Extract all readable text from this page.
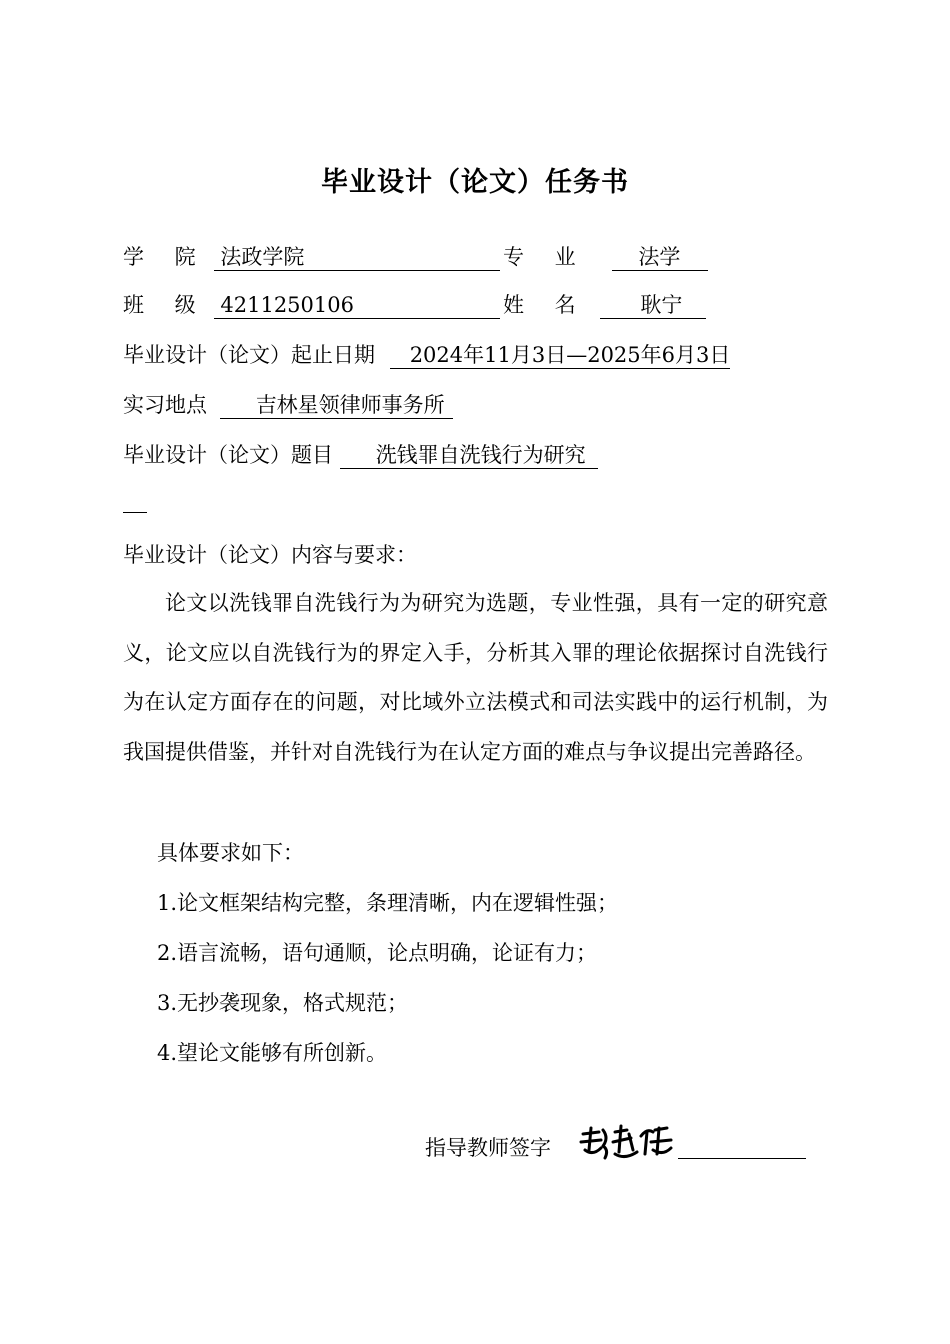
毕业设计（论文）任务书
学 院 法政学院	专 业 法学
班 级 4211250106	姓 名	耿宁
毕业设计（论文）起止日期 2024年11月3日—2025年6月3日
实习地点 吉林星领律师事务所
毕业设计（论文）题目 洗钱罪自洗钱行为研究
毕业设计（论文）内容与要求：
论文以洗钱罪自洗钱行为为研究为选题，专业性强，具有一定的研究意义，论文应以自洗钱行为的界定入手，分析其入罪的理论依据探讨自洗钱行为在认定方面存在的问题，对比域外立法模式和司法实践中的运行机制，为我国提供借鉴，并针对自洗钱行为在认定方面的难点与争议提出完善路径。
具体要求如下：
1.论文框架结构完整，条理清晰，内在逻辑性强；
2.语言流畅，语句通顺，论点明确，论证有力；
3.无抄袭现象，格式规范；
4.望论文能够有所创新。
指导教师签字
